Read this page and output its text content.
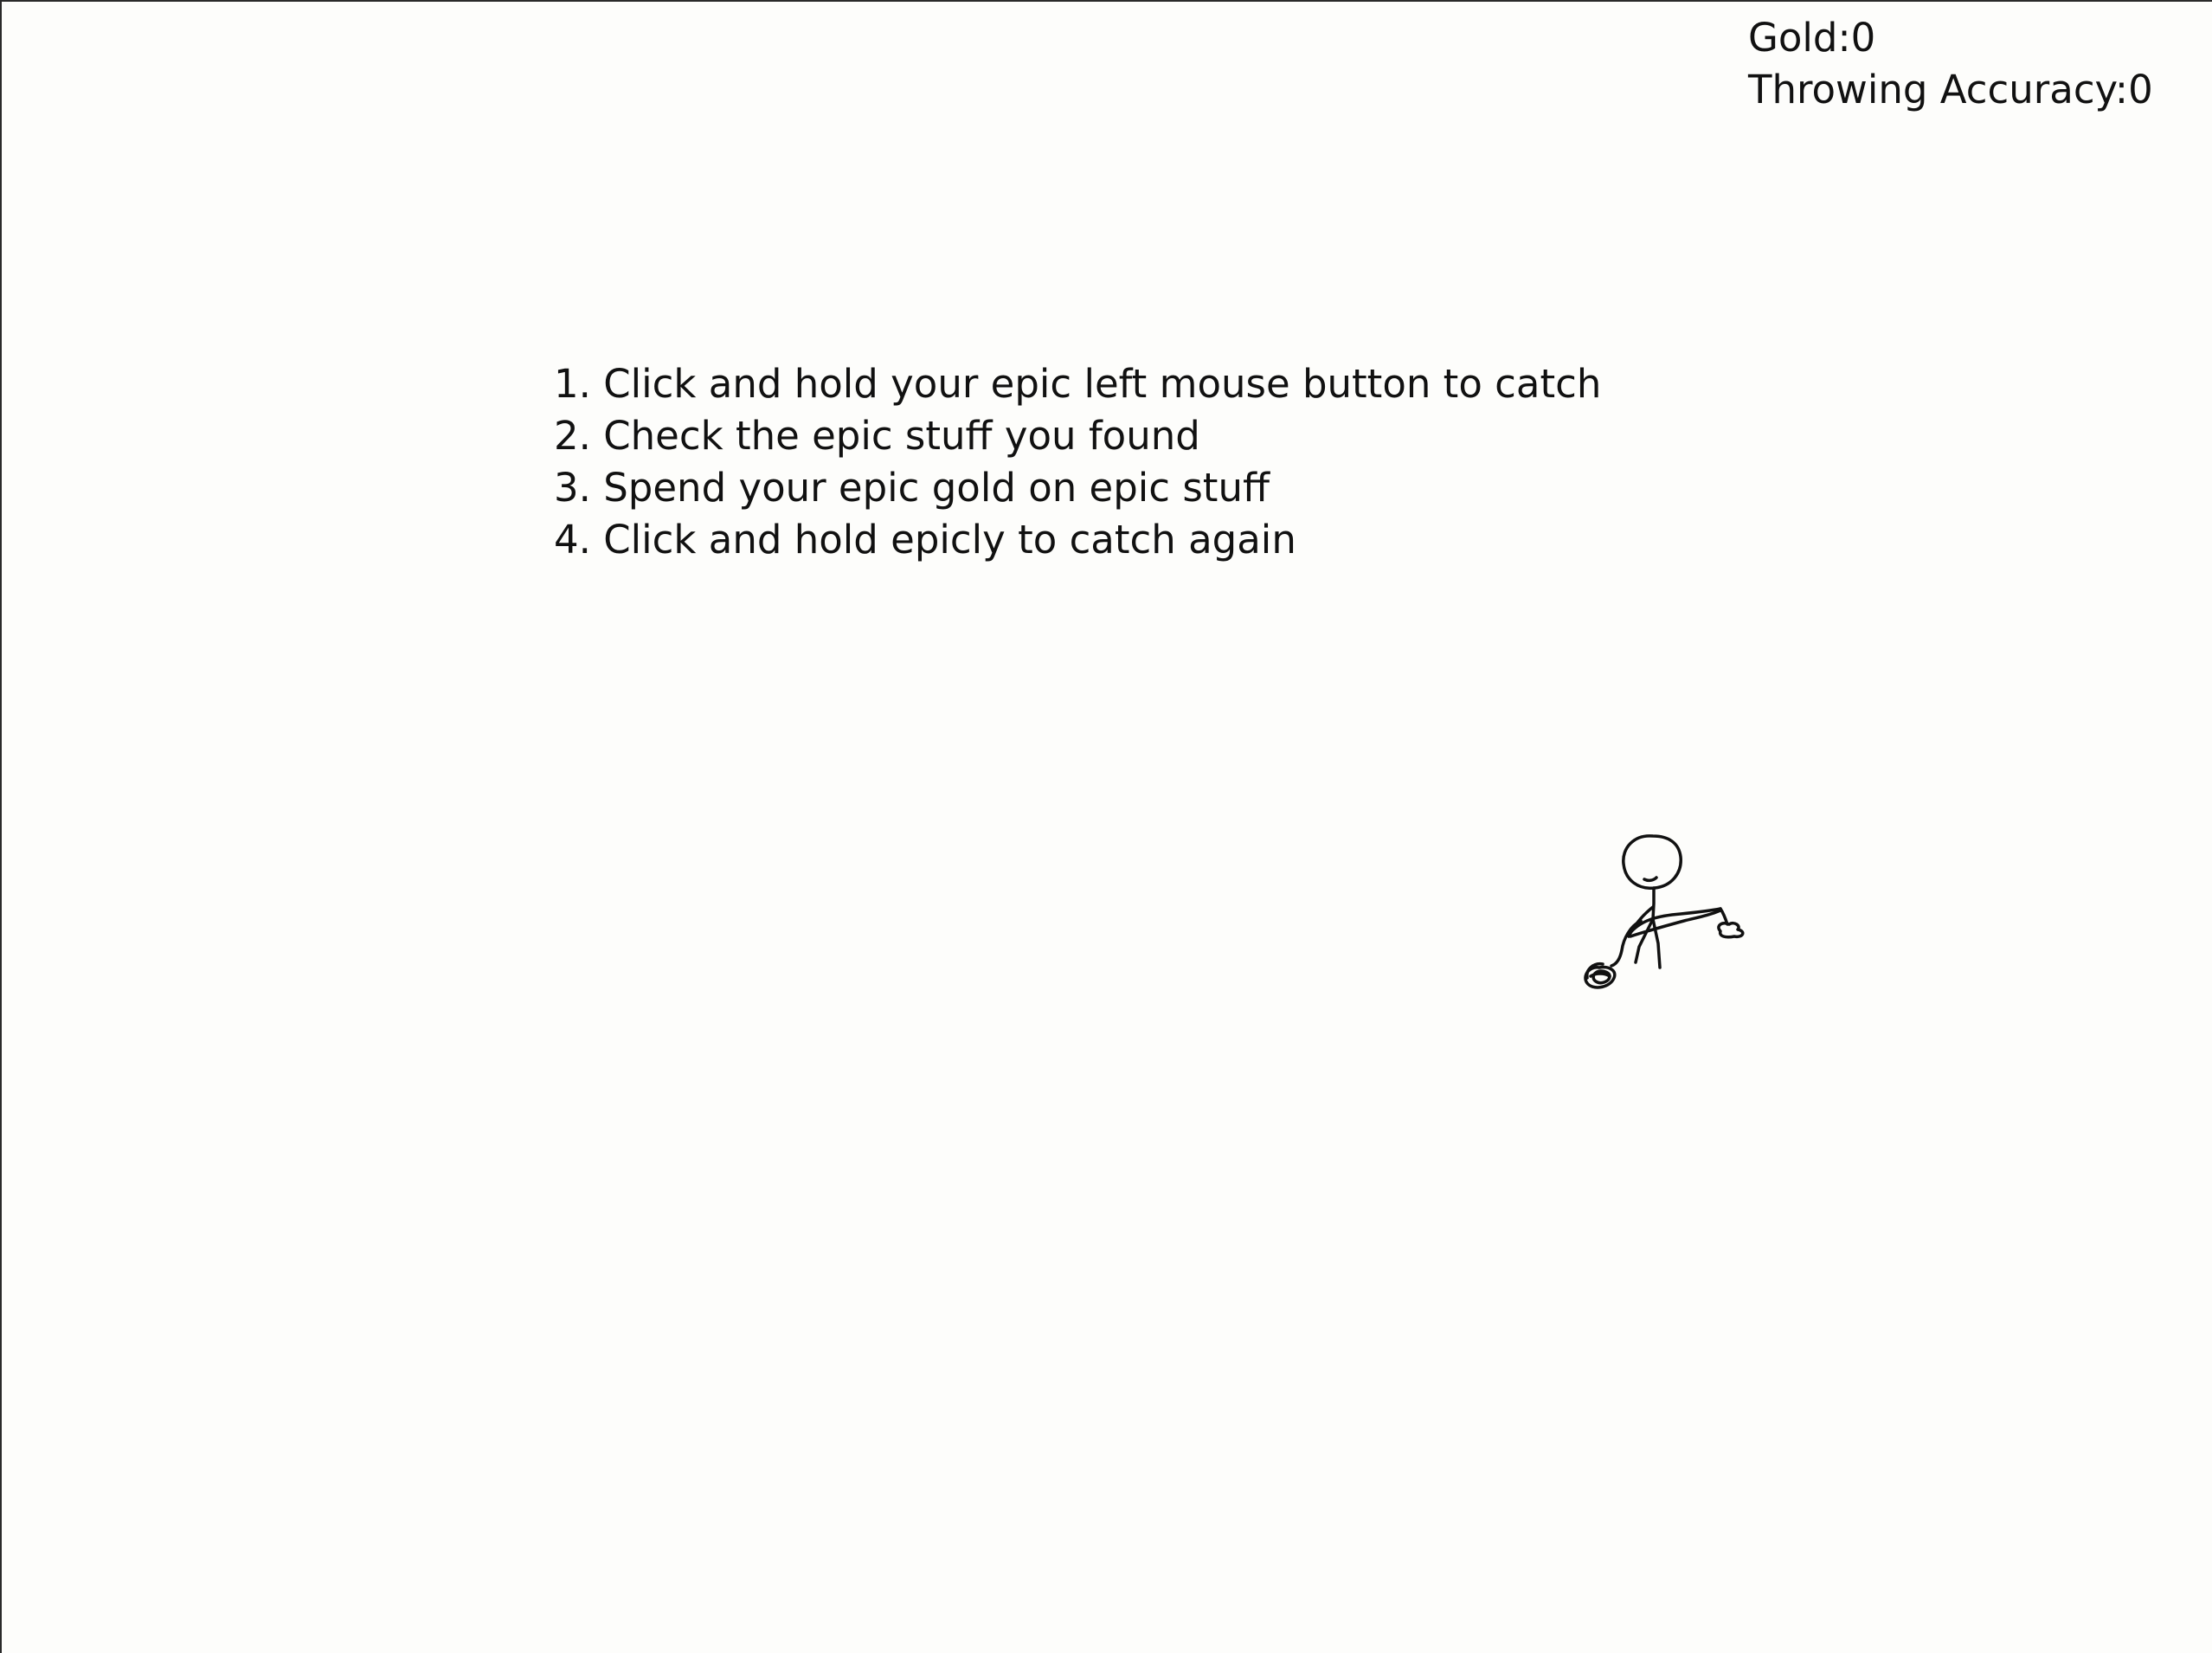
Gold:0
Throwing Accuracy:0
1. Click and hold your epic left mouse button to catch
2. Check the epic stuff you found
3. Spend your epic gold on epic stuff
4. Click and hold epicly to catch again
